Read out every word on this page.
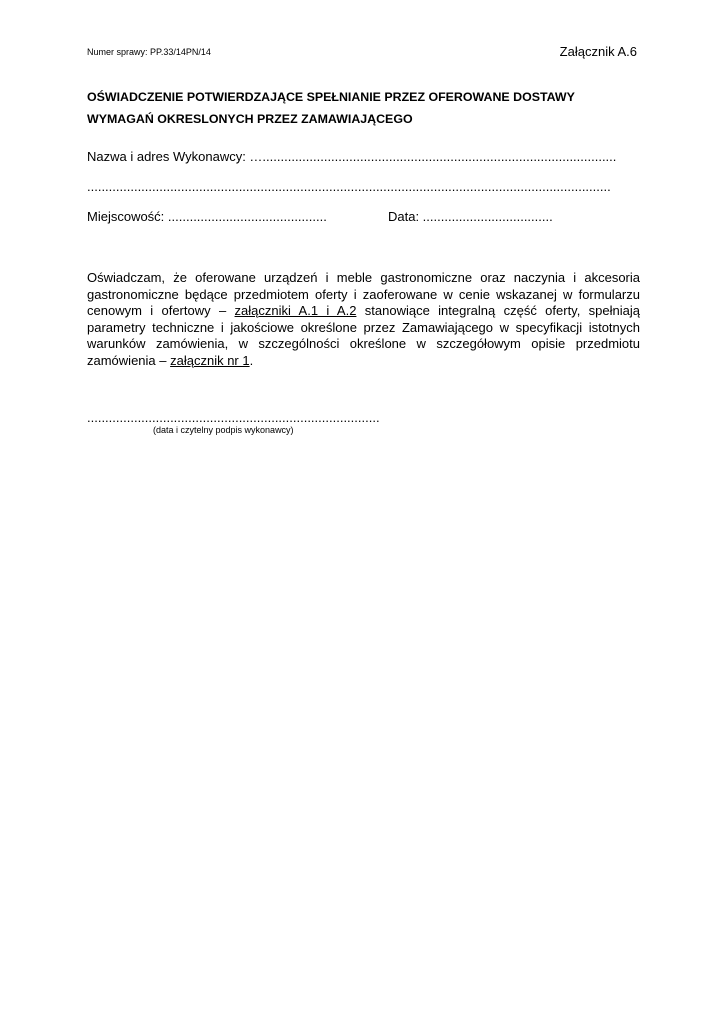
Numer sprawy: PP.33/14PN/14	Załącznik A.6
OŚWIADCZENIE POTWIERDZAJĄCE SPEŁNIANIE PRZEZ OFEROWANE DOSTAWY
WYMAGAŃ OKRESLONYCH PRZEZ ZAMAWIAJĄCEGO
Nazwa i adres Wykonawcy: …..................................................................................................
.................................................................................................................................................
Miejscowość: ............................................	Data: ....................................
Oświadczam, że oferowane urządzeń i meble gastronomiczne oraz naczynia i akcesoria gastronomiczne będące przedmiotem oferty i zaoferowane w cenie wskazanej w formularzu cenowym i ofertowy – załączniki A.1 i A.2 stanowiące integralną część oferty, spełniają parametry techniczne i jakościowe określone przez Zamawiającego w specyfikacji istotnych warunków zamówienia, w szczególności określone w szczegółowym opisie przedmiotu zamówienia – załącznik nr 1.
.................................................................................
(data i czytelny podpis wykonawcy)
